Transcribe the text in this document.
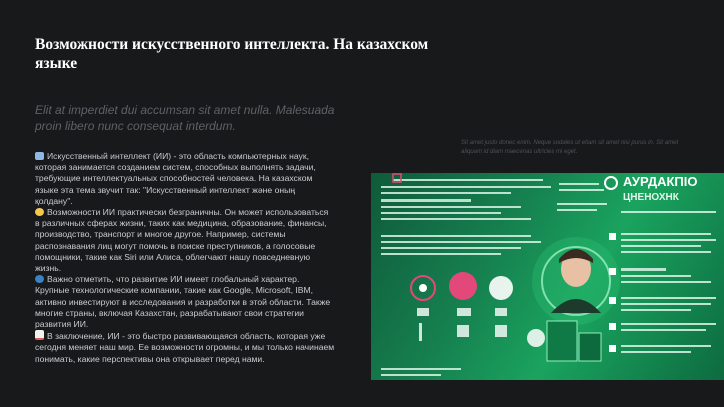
Возможности искусственного интеллекта. На казахском языке
Elit at imperdiet dui accumsan sit amet nulla. Malesuada proin libero nunc consequat interdum.

Искусственный интеллект (ИИ) - это область компьютерных наук, которая занимается созданием систем, способных выполнять задачи, требующие интеллектуальных способностей человека. На казахском языке эта тема звучит так: "Искусственный интеллект және оның қолдану".

Возможности ИИ практически безграничны. Он может использоваться в различных сферах жизни, таких как медицина, образование, финансы, производство, транспорт и многое другое. Например, системы распознавания лиц могут помочь в поиске преступников, а голосовые помощники, такие как Siri или Алиса, облегчают нашу повседневную жизнь.

Важно отметить, что развитие ИИ имеет глобальный характер. Крупные технологические компании, такие как Google, Microsoft, IBM, активно инвестируют в исследования и разработки в этой области. Также многие страны, включая Казахстан, разрабатывают свои стратегии развития ИИ.

В заключение, ИИ - это быстро развивающаяся область, которая уже сегодня меняет наш мир. Ее возможности огромны, и мы только начинаем понимать, какие перспективы она открывает перед нами.

Sit amet justo donec enim. Neque sodales ut etiam sit amet nisi purus in. Sit amet aliquam id diam maecenas ultricies mi eget.
АУРДАКПІО
ЦНЕНОХНК
